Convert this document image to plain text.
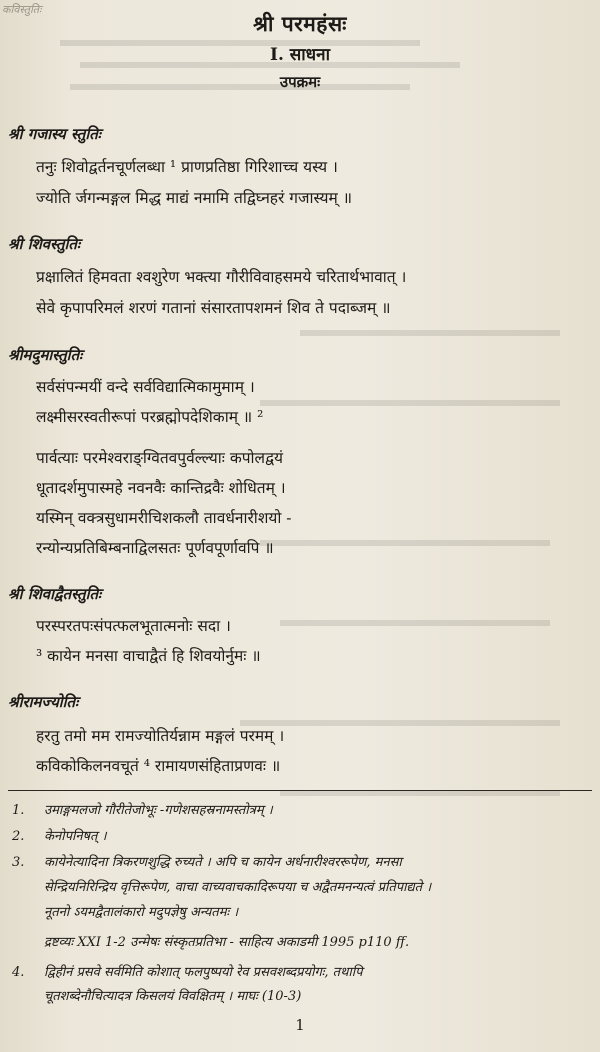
कविस्तुतिः
श्री परमहंसः
I. साधना
उपक्रमः
श्री गजास्य स्तुतिः
तनुः शिवोद्वर्तनचूर्णलब्धा ¹ प्राणप्रतिष्ठा गिरिशाच्च यस्य ।
ज्योति र्जगन्मङ्गल मिद्ध माद्यं नमामि तद्विघ्नहरं गजास्यम् ॥
श्री शिवस्तुतिः
प्रक्षालितं हिमवता श्वशुरेण भक्त्या गौरीविवाहसमये चरितार्थभावात् ।
सेवे कृपापरिमलं शरणं गतानां संसारतापशमनं शिव ते पदाब्जम् ॥
श्रीमदुमास्तुतिः
सर्वसंपन्मयीं वन्दे सर्वविद्यात्मिकामुमाम् ।
लक्ष्मीसरस्वतीरूपां परब्रह्मोपदेशिकाम् ॥ ²
पार्वत्याः परमेश्वराङ्ग्वितवपुर्वल्ल्याः कपोलद्वयं
धूतादर्शमुपास्महे नवनवैः कान्तिद्रवैः शोधितम् ।
यस्मिन् वक्त्रसुधामरीचिशकलौ तावर्धनारीशयो -
रन्योन्यप्रतिबिम्बनाद्विलसतः पूर्णवपूर्णावपि ॥
श्री शिवाद्वैतस्तुतिः
परस्परतपःसंपत्फलभूतात्मनोः सदा ।
³ कायेन मनसा वाचाद्वैतं हि शिवयोर्नुमः ॥
श्रीरामज्योतिः
हरतु तमो मम रामज्योतिर्यन्नाम मङ्गलं परमम् ।
कविकोकिलनवचूतं ⁴ रामायणसंहिताप्रणवः ॥
1. उमाङ्गमलजो गौरीतेजोभूः -गणेशसहस्रनामस्तोत्रम् ।
2. केनोपनिषत् ।
3. कायेनेत्यादिना त्रिकरणशुद्धि रुच्यते । अपि च कायेन अर्धनारीश्वररूपेण, मनसा
सेन्द्रियनिरिन्द्रिय वृत्तिरूपेण, वाचा वाच्यवाचकादिरूपया च अद्वैतमनन्यत्वं प्रतिपाद्यते ।
नूतनो ऽयमद्वैतालंकारो मदुपज्ञेषु अन्यतमः ।
द्रष्टव्यः XXI 1-2 उन्मेषः संस्कृतप्रतिभा - साहित्य अकाडमी 1995 p110 ff.
4. द्विहीनं प्रसवे सर्वमिति कोशात् फलपुष्पयो रेव प्रसवशब्दप्रयोगः, तथापि
चूतशब्देनौचित्यादत्र किसलयं विवक्षितम् । माघः (10-3)
1
